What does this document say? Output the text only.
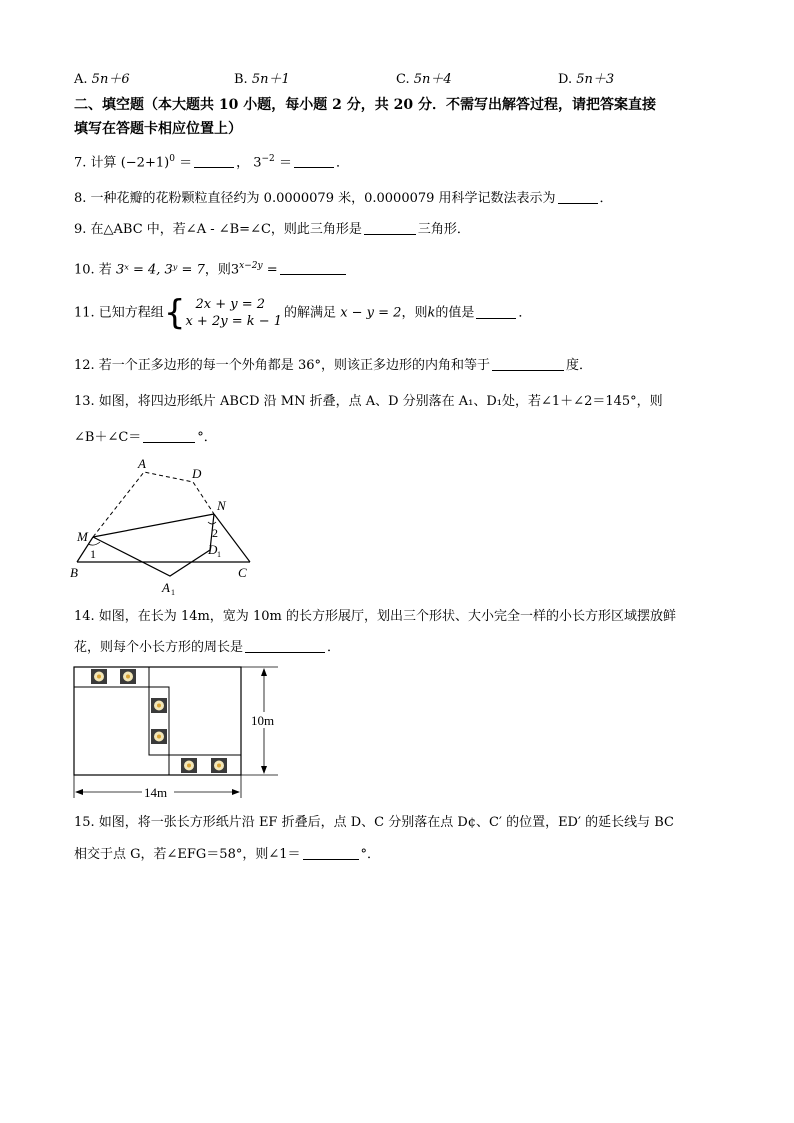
A. 5n＋6	B. 5n＋1	C. 5n＋4	D. 5n＋3
二、填空题（本大题共 10 小题，每小题 2 分，共 20 分．不需写出解答过程，请把答案直接
填写在答题卡相应位置上）
7. 计算 $(-2+1)^0$ ＝	， $3^{-2}$ ＝	．
8. 一种花瓣的花粉颗粒直径约为 0.0000079 米，0.0000079 用科学记数法表示为	．
9. 在△ABC 中，若∠A - ∠B=∠C，则此三角形是	三角形．
10. 若 3ˣ = 4, 3ʸ = 7，则$3^{x-2y}$ =
11. 已知方程组{ 2x + y = 2
x + 2y = k − 1
的解满足 x − y = 2，则k的值是	．
12. 若一个正多边形的每一个外角都是 36°，则该正多边形的内角和等于	度．
13. 如图，将四边形纸片 ABCD 沿 MN 折叠，点 A、D 分别落在 A₁、D₁处，若∠1＋∠2＝145°，则
∠B＋∠C＝	°．
A
D
N
M
B	C
A 1
D 1
1
2
14. 如图，在长为 14m，宽为 10m 的长方形展厅，划出三个形状、大小完全一样的小长方形区域摆放鲜
花，则每个小长方形的周长是	．
10m
14m
15. 如图，将一张长方形纸片沿 EF 折叠后，点 D、C 分别落在点 D¢、C′ 的位置，ED′ 的延长线与 BC
相交于点 G，若∠EFG＝58°，则∠1＝	°．
